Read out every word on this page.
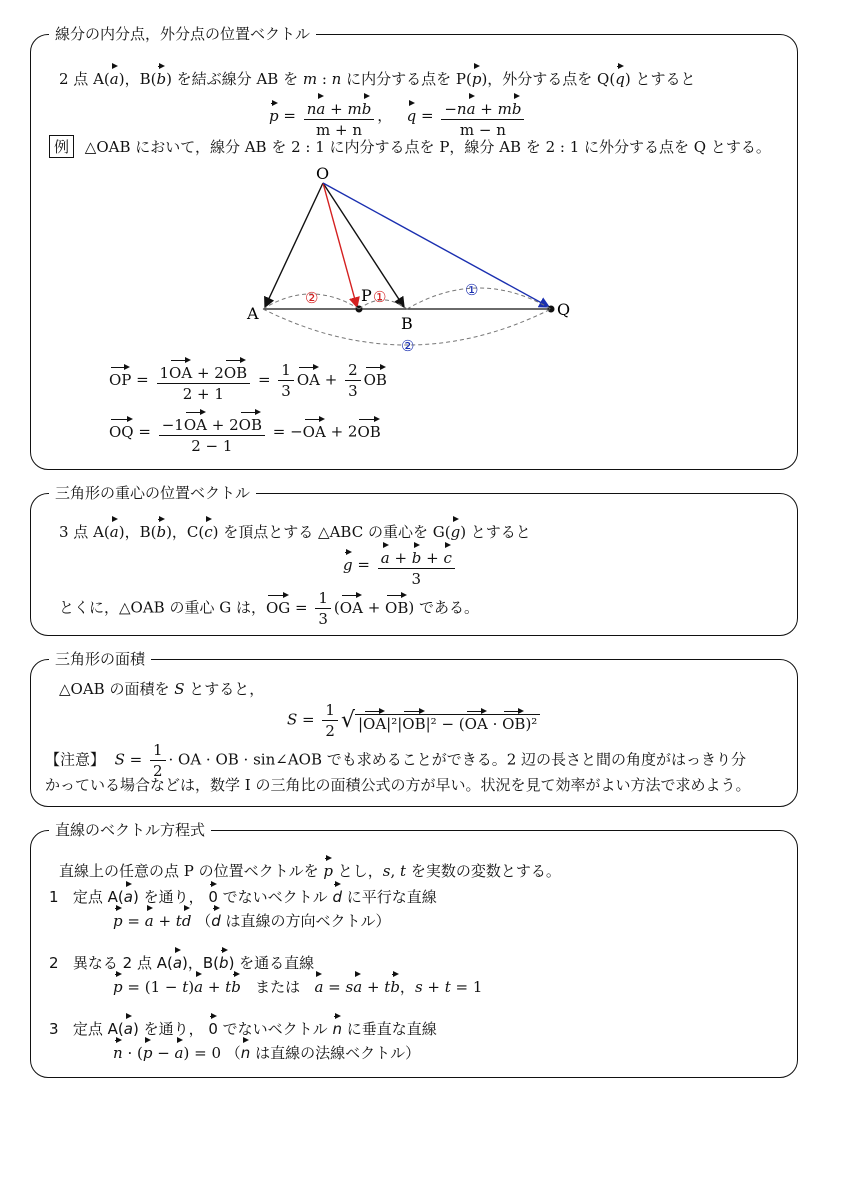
線分の内分点，外分点の位置ベクトル
2 点 A(a)，B(b) を結ぶ線分 AB を m : n に内分する点を P(p)，外分する点を Q(q) とすると
$p = \frac{na + mb}{m + n}$ ，   $q = \frac{-na + mb}{m - n}$
例 △OAB において，線分 AB を 2 : 1 に内分する点を P，線分 AB を 2 : 1 に外分する点を Q とする。
O
A
B
P
Q
②	①	①
②
OP = $\frac{1OA + 2OB}{2 + 1} = \frac{1}{3}$ OA + $\frac{2}{3}$ OB
OQ = $\frac{-1OA + 2OB}{2 - 1} = -OA + 2OB$
三角形の重心の位置ベクトル
3 点 A(a)，B(b)，C(c) を頂点とする △ABC の重心を G(g) とすると
$g = \frac{a + b + c}{3}$
とくに，△OAB の重心 G は，OG = $\frac{1}{3} (OA + OB)$ である。
三角形の面積
△OAB の面積を S とすると，
$S = \frac{1}{2}$ √ |OA|²|OB|² − (OA · OB)²
【注意】 $S = \frac{1}{2}$ · OA · OB · sin∠AOB でも求めることができる。2 辺の長さと間の角度がはっきり分
かっている場合などは，数学 I の三角比の面積公式の方が早い。状況を見て効率がよい方法で求めよう。
直線のベクトル方程式
直線上の任意の点 P の位置ベクトルを p とし，s, t を実数の変数とする。
1 定点 A(a) を通り， 0 でないベクトル d に平行な直線
p = a + td （d は直線の方向ベクトル）
2 異なる 2 点 A(a)，B(b) を通る直線
p = (1 − t)a + tb または a = sa + tb，s + t = 1
3 定点 A(a) を通り， 0 でないベクトル n に垂直な直線
n · (p − a) = 0 （n は直線の法線ベクトル）
